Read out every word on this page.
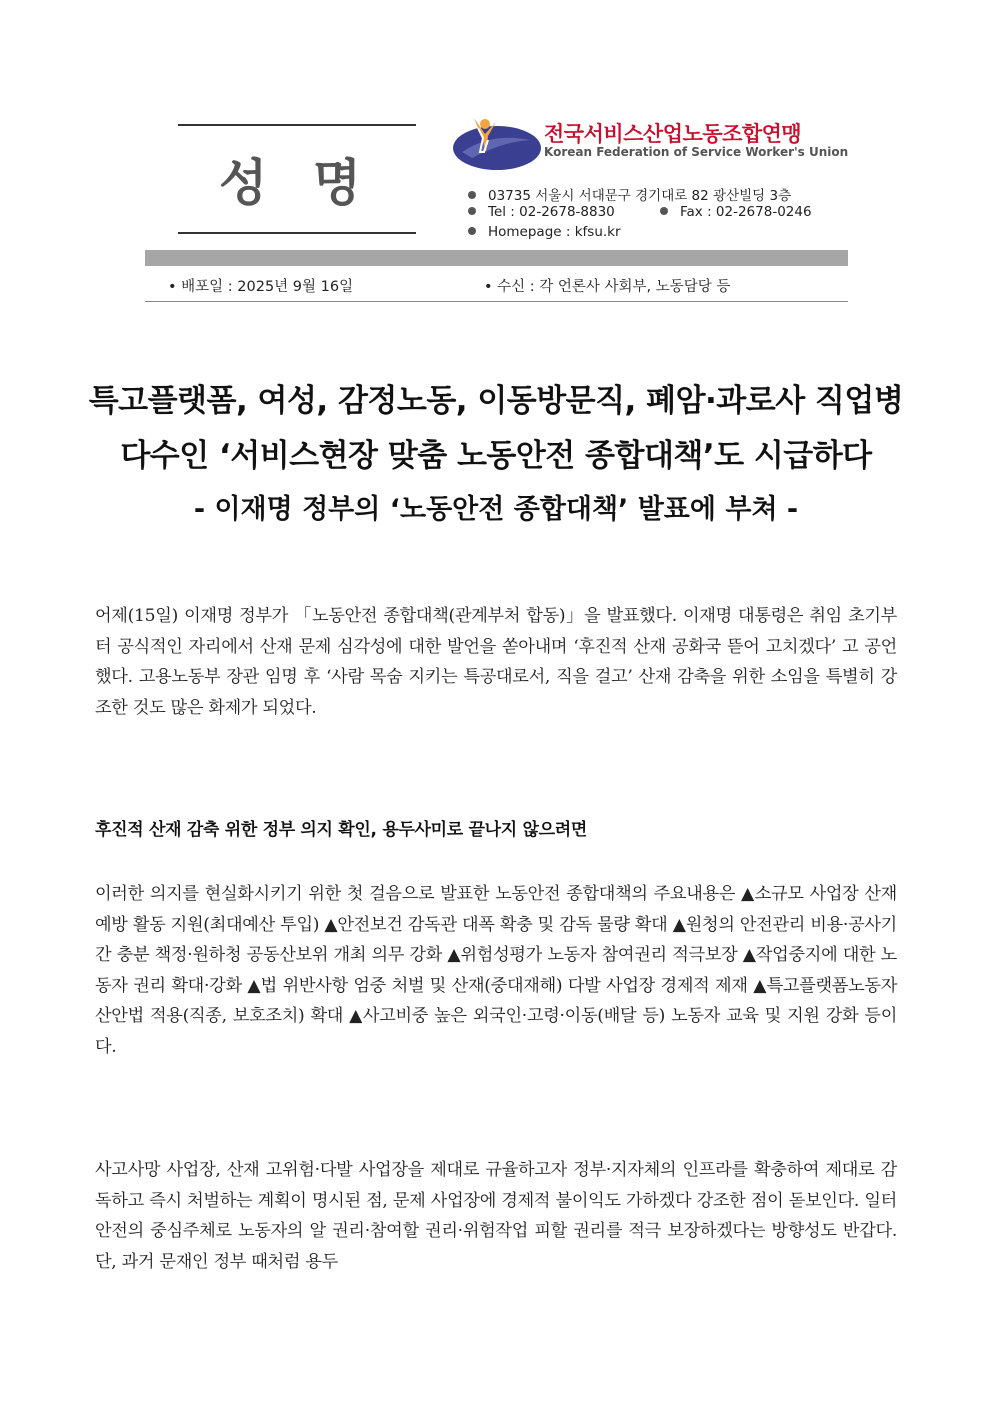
성 명
전국서비스산업노동조합연맹
Korean Federation of Service Worker's Union
03735 서울시 서대문구 경기대로 82 광산빌딩 3층
Tel : 02-2678-8830	Fax : 02-2678-0246
Homepage : kfsu.kr
• 배포일 : 2025년 9월 16일	• 수신 : 각 언론사 사회부, 노동담당 등
특고플랫폼, 여성, 감정노동, 이동방문직, 폐암·과로사 직업병
다수인 ‘서비스현장 맞춤 노동안전 종합대책’도 시급하다
- 이재명 정부의 ‘노동안전 종합대책’ 발표에 부쳐 -
어제(15일) 이재명 정부가 「노동안전 종합대책(관계부처 합동)」을 발표했다. 이재명 대통령은 취임 초기부터 공식적인 자리에서 산재 문제 심각성에 대한 발언을 쏟아내며 ‘후진적 산재 공화국 뜯어 고치겠다’ 고 공언했다. 고용노동부 장관 임명 후 ‘사람 목숨 지키는 특공대로서, 직을 걸고’ 산재 감축을 위한 소임을 특별히 강조한 것도 많은 화제가 되었다.
후진적 산재 감축 위한 정부 의지 확인, 용두사미로 끝나지 않으려면
이러한 의지를 현실화시키기 위한 첫 걸음으로 발표한 노동안전 종합대책의 주요내용은 ▲소규모 사업장 산재예방 활동 지원(최대예산 투입) ▲안전보건 감독관 대폭 확충 및 감독 물량 확대 ▲원청의 안전관리 비용·공사기간 충분 책정·원하청 공동산보위 개최 의무 강화 ▲위험성평가 노동자 참여권리 적극보장 ▲작업중지에 대한 노동자 권리 확대·강화 ▲법 위반사항 엄중 처벌 및 산재(중대재해) 다발 사업장 경제적 제재 ▲특고플랫폼노동자 산안법 적용(직종, 보호조치) 확대 ▲사고비중 높은 외국인·고령·이동(배달 등) 노동자 교육 및 지원 강화 등이다.
사고사망 사업장, 산재 고위험·다발 사업장을 제대로 규율하고자 정부·지자체의 인프라를 확충하여 제대로 감독하고 즉시 처벌하는 계획이 명시된 점, 문제 사업장에 경제적 불이익도 가하겠다 강조한 점이 돋보인다. 일터 안전의 중심주체로 노동자의 알 권리·참여할 권리·위험작업 피할 권리를 적극 보장하겠다는 방향성도 반갑다. 단, 과거 문재인 정부 때처럼 용두
